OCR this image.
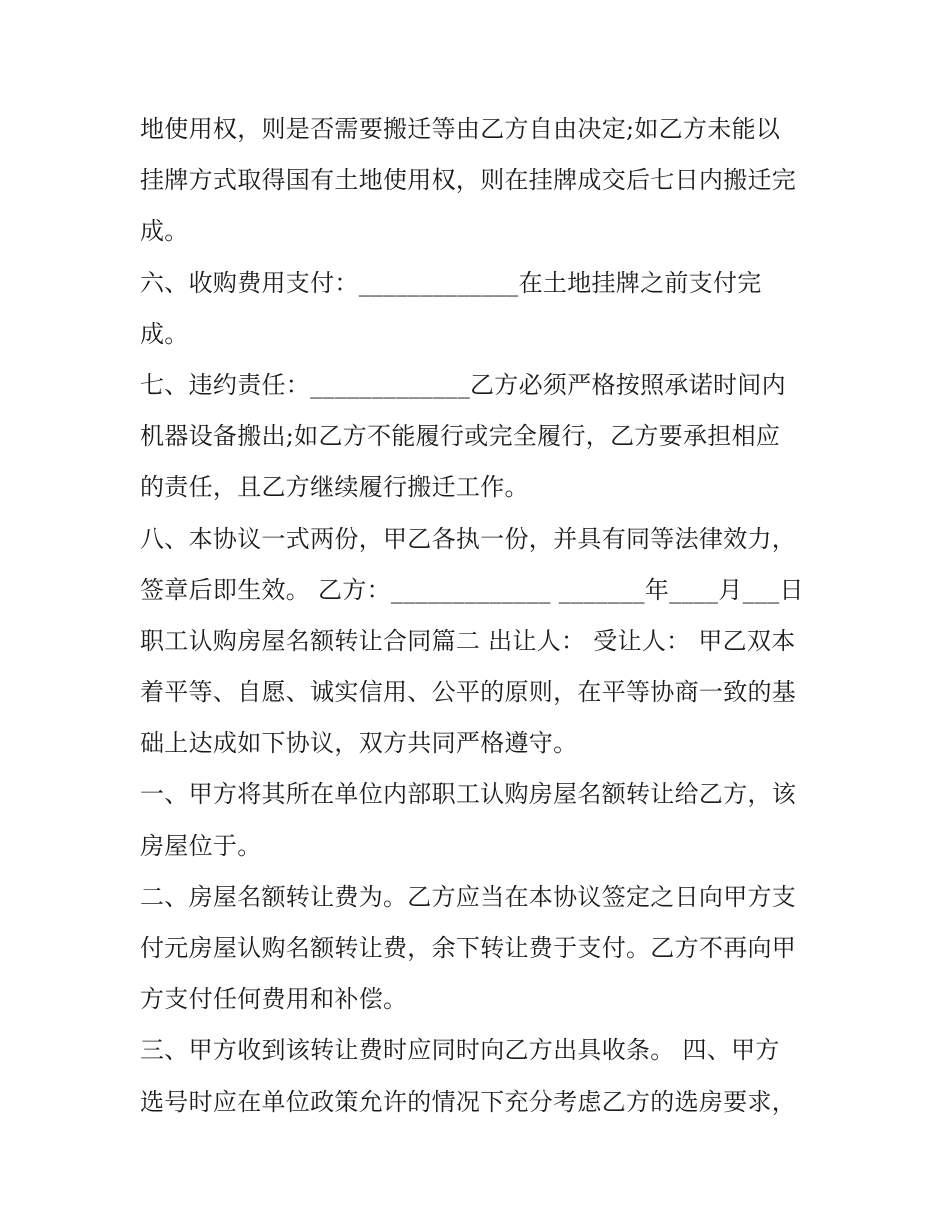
地使用权，则是否需要搬迁等由乙方自由决定;如乙方未能以
挂牌方式取得国有土地使用权，则在挂牌成交后七日内搬迁完
成。
六、收购费用支付：_____________在土地挂牌之前支付完
成。
七、违约责任：_____________乙方必须严格按照承诺时间内
机器设备搬出;如乙方不能履行或完全履行，乙方要承担相应
的责任，且乙方继续履行搬迁工作。
八、本协议一式两份，甲乙各执一份，并具有同等法律效力，
签章后即生效。 乙方：_____________ _______年____月___日
职工认购房屋名额转让合同篇二 出让人： 受让人： 甲乙双本
着平等、自愿、诚实信用、公平的原则，在平等协商一致的基
础上达成如下协议，双方共同严格遵守。
一、甲方将其所在单位内部职工认购房屋名额转让给乙方，该
房屋位于。
二、房屋名额转让费为。乙方应当在本协议签定之日向甲方支
付元房屋认购名额转让费，余下转让费于支付。乙方不再向甲
方支付任何费用和补偿。
三、甲方收到该转让费时应同时向乙方出具收条。 四、甲方
选号时应在单位政策允许的情况下充分考虑乙方的选房要求，
